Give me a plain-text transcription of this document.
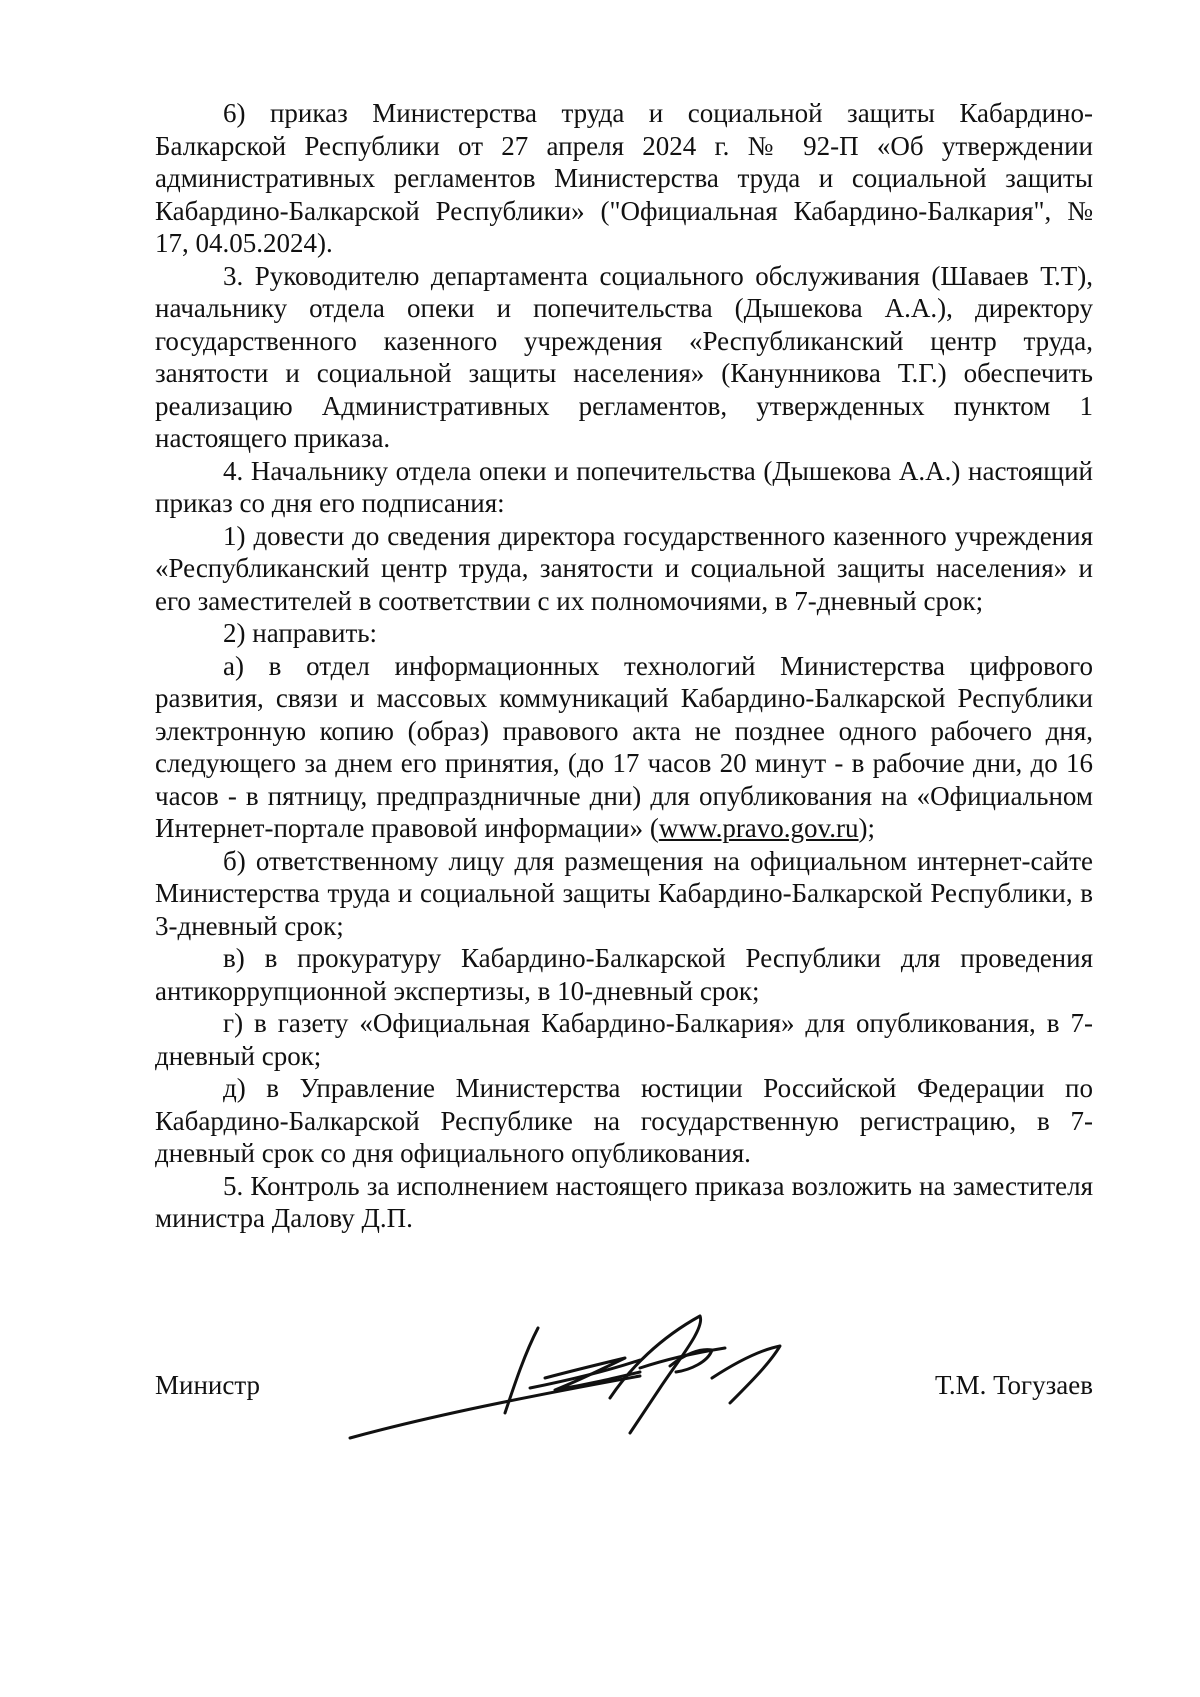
6) приказ Министерства труда и социальной защиты Кабардино-Балкарской Республики от 27 апреля 2024 г. № 92-П «Об утверждении административных регламентов Министерства труда и социальной защиты Кабардино-Балкарской Республики» ("Официальная Кабардино-Балкария", № 17, 04.05.2024).

3. Руководителю департамента социального обслуживания (Шаваев Т.Т), начальнику отдела опеки и попечительства (Дышекова А.А.), директору государственного казенного учреждения «Республиканский центр труда, занятости и социальной защиты населения» (Канунникова Т.Г.) обеспечить реализацию Административных регламентов, утвержденных пунктом 1 настоящего приказа.

4. Начальнику отдела опеки и попечительства (Дышекова А.А.) настоящий приказ со дня его подписания:

1) довести до сведения директора государственного казенного учреждения «Республиканский центр труда, занятости и социальной защиты населения» и его заместителей в соответствии с их полномочиями, в 7-дневный срок;

2) направить:

а) в отдел информационных технологий Министерства цифрового развития, связи и массовых коммуникаций Кабардино-Балкарской Республики электронную копию (образ) правового акта не позднее одного рабочего дня, следующего за днем его принятия, (до 17 часов 20 минут - в рабочие дни, до 16 часов - в пятницу, предпраздничные дни) для опубликования на «Официальном Интернет-портале правовой информации» (www.pravo.gov.ru);

б) ответственному лицу для размещения на официальном интернет-сайте Министерства труда и социальной защиты Кабардино-Балкарской Республики, в 3-дневный срок;

в) в прокуратуру Кабардино-Балкарской Республики для проведения антикоррупционной экспертизы, в 10-дневный срок;

г) в газету «Официальная Кабардино-Балкария» для опубликования, в 7-дневный срок;

д) в Управление Министерства юстиции Российской Федерации по Кабардино-Балкарской Республике на государственную регистрацию, в 7-дневный срок со дня официального опубликования.

5. Контроль за исполнением настоящего приказа возложить на заместителя министра Далову Д.П.

Министр	Т.М. Тогузаев
